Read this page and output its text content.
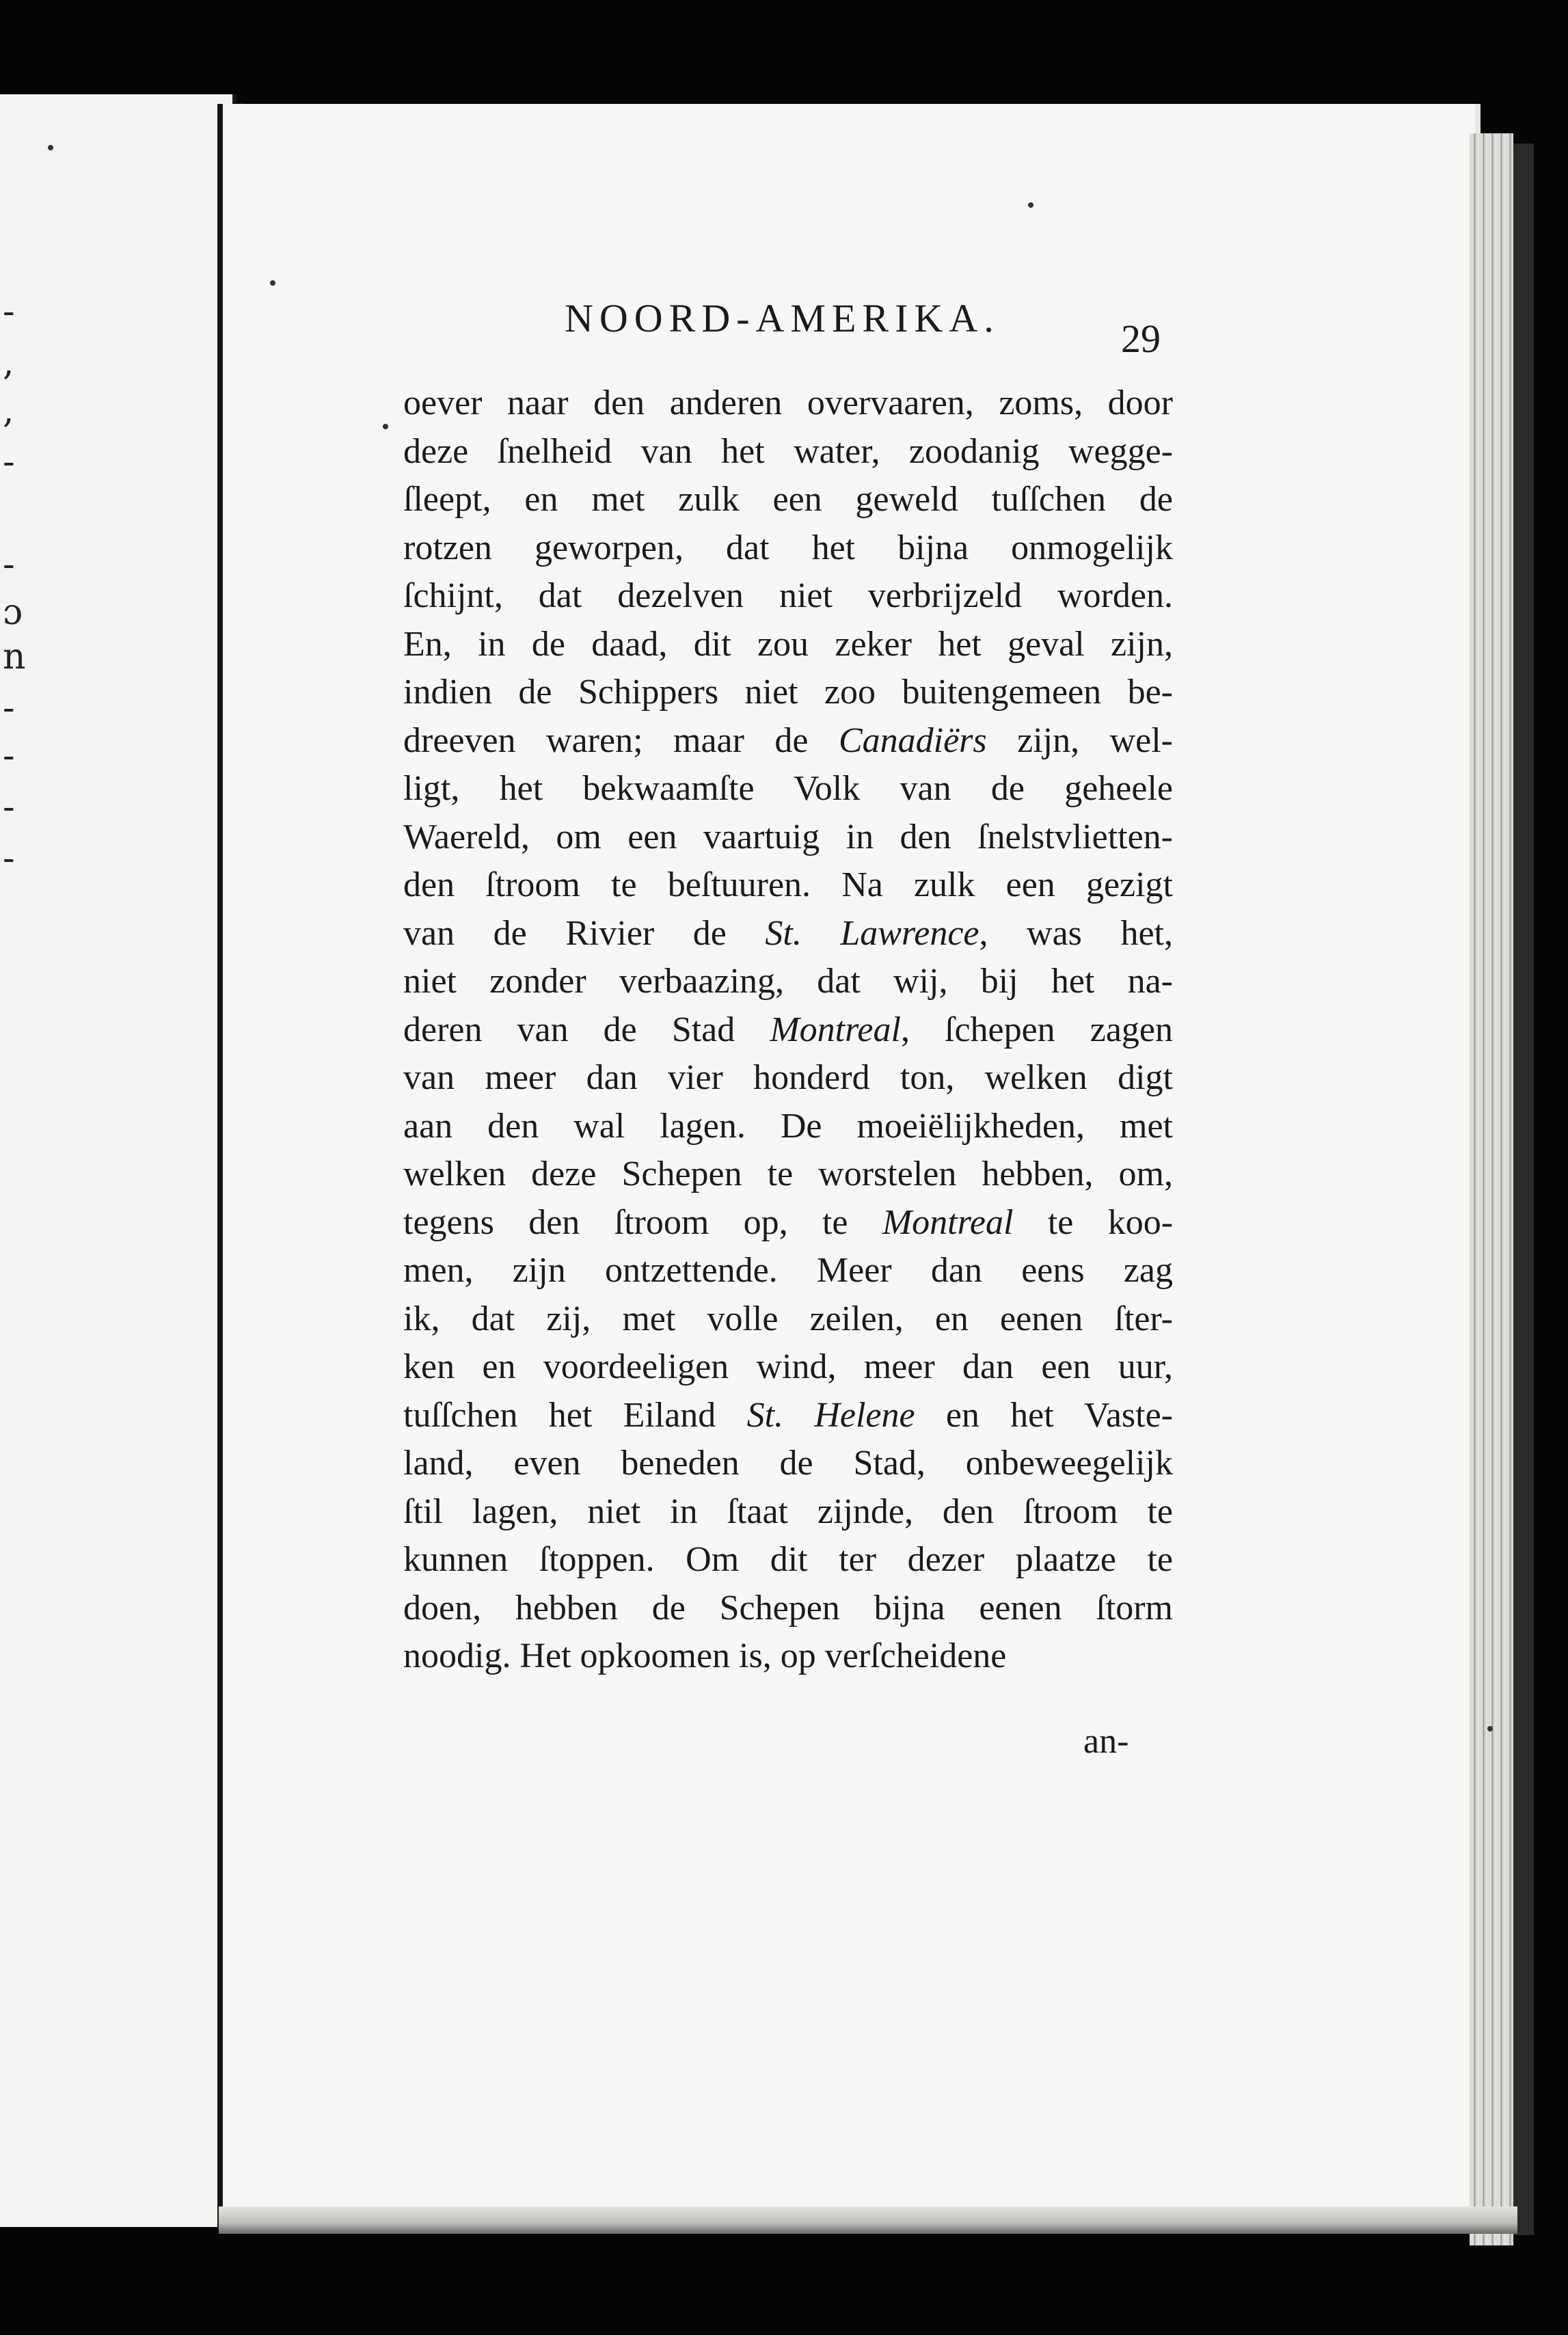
-
,
,
-
-
ɔ
n
-
-
-
-
NOORD-AMERIKA.	29
oever naar den anderen overvaaren, zoms, door
deze ſnelheid van het water, zoodanig wegge-
ſleept, en met zulk een geweld tuſſchen de
rotzen geworpen, dat het bijna onmogelijk
ſchijnt, dat dezelven niet verbrijzeld worden.
En, in de daad, dit zou zeker het geval zijn,
indien de Schippers niet zoo buitengemeen be-
dreeven waren; maar de Canadiërs zijn, wel-
ligt, het bekwaamſte Volk van de geheele
Waereld, om een vaartuig in den ſnelstvlietten-
den ſtroom te beſtuuren. Na zulk een gezigt
van de Rivier de St. Lawrence, was het,
niet zonder verbaazing, dat wij, bij het na-
deren van de Stad Montreal, ſchepen zagen
van meer dan vier honderd ton, welken digt
aan den wal lagen. De moeiëlijkheden, met
welken deze Schepen te worstelen hebben, om,
tegens den ſtroom op, te Montreal te koo-
men, zijn ontzettende. Meer dan eens zag
ik, dat zij, met volle zeilen, en eenen ſter-
ken en voordeeligen wind, meer dan een uur,
tuſſchen het Eiland St. Helene en het Vaste-
land, even beneden de Stad, onbeweegelijk
ſtil lagen, niet in ſtaat zijnde, den ſtroom te
kunnen ſtoppen. Om dit ter dezer plaatze te
doen, hebben de Schepen bijna eenen ſtorm
noodig. Het opkoomen is, op verſcheidene
an-
